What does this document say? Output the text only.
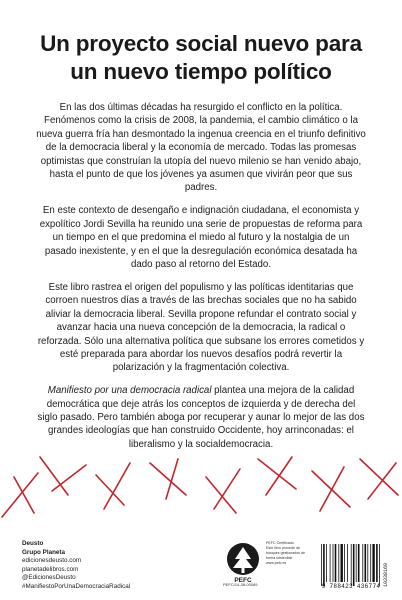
Un proyecto social nuevo para
un nuevo tiempo político

En las dos últimas décadas ha resurgido el conflicto en la política. Fenómenos como la crisis de 2008, la pandemia, el cambio climático o la nueva guerra fría han desmontado la ingenua creencia en el triunfo definitivo de la democracia liberal y la economía de mercado. Todas las promesas optimistas que construían la utopía del nuevo milenio se han venido abajo, hasta el punto de que los jóvenes ya asumen que vivirán peor que sus padres.

En este contexto de desengaño e indignación ciudadana, el economista y expolítico Jordi Sevilla ha reunido una serie de propuestas de reforma para un tiempo en el que predomina el miedo al futuro y la nostalgia de un pasado inexistente, y en el que la desregulación económica desatada ha dado paso al retorno del Estado.

Este libro rastrea el origen del populismo y las políticas identitarias que corroen nuestros días a través de las brechas sociales que no ha sabido aliviar la democracia liberal. Sevilla propone refundar el contrato social y avanzar hacia una nueva concepción de la democracia, la radical o reforzada. Sólo una alternativa política que subsane los errores cometidos y esté preparada para abordar los nuevos desafíos podrá revertir la polarización y la fragmentación colectiva.

Manifiesto por una democracia radical plantea una mejora de la calidad democrática que deje atrás los conceptos de izquierda y de derecha del siglo pasado. Pero también aboga por recuperar y aunar lo mejor de las dos grandes ideologías que han construido Occidente, hoy arrinconadas: el liberalismo y la socialdemocracia.

Deusto
Grupo Planeta
edicionesdeusto.com
planetadelibros.com
@EdicionesDeusto
#ManifiestoPorUnaDemocraciaRadical
PEFC
PEFC/14-38-00089
PEFC Certificado
Este libro procede de bosques gestionados de forma sostenible
www.pefc.es
9 788423 436774 10338169
